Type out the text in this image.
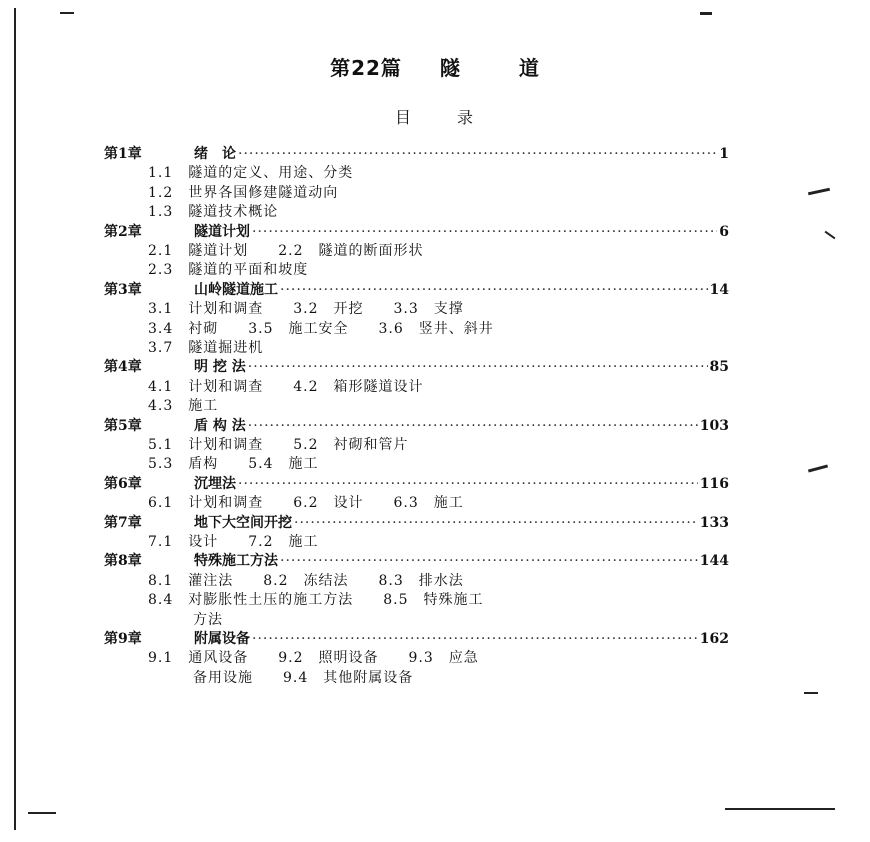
第22篇 隧	道
目	录
第1章	绪　论 ·····	1
1.1　隧道的定义、用途、分类
1.2　世界各国修建隧道动向
1.3　隧道技术概论
第2章	隧道计划 ·····	6
2.1　隧道计划　　2.2　隧道的断面形状
2.3　隧道的平面和坡度
第3章	山岭隧道施工 ·····	14
3.1　计划和调查　　3.2　开挖　　3.3　支撑
3.4　衬砌　　3.5　施工安全　　3.6　竖井、斜井
3.7　隧道掘进机
第4章	明 挖 法 ·····	85
4.1　计划和调查　　4.2　箱形隧道设计
4.3　施工
第5章	盾 构 法 ·····	103
5.1　计划和调查　　5.2　衬砌和管片
5.3　盾构　　5.4　施工
第6章	沉埋法 ·····	116
6.1　计划和调查　　6.2　设计　　6.3　施工
第7章	地下大空间开挖 ·····	133
7.1　设计　　7.2　施工
第8章	特殊施工方法 ·····	144
8.1　灌注法　　8.2　冻结法　　8.3　排水法
8.4　对膨胀性土压的施工方法　　8.5　特殊施工
　　　方法
第9章	附属设备 ·····	162
9.1　通风设备　　9.2　照明设备　　9.3　应急
　　　备用设施　　9.4　其他附属设备
